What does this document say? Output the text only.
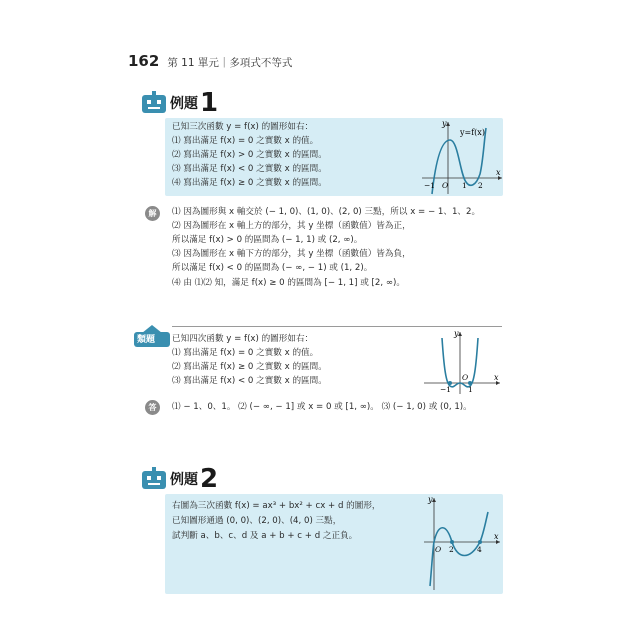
162 第 11 單元｜多項式不等式
例題 1
已知三次函數 y = f(x) 的圖形如右：
⑴ 寫出滿足 f(x) = 0 之實數 x 的值。
⑵ 寫出滿足 f(x) > 0 之實數 x 的區間。
⑶ 寫出滿足 f(x) < 0 之實數 x 的區間。
⑷ 寫出滿足 f(x) ≥ 0 之實數 x 的區間。
y=f(x)
y
x
−1 O 1 2
解	⑴ 因為圖形與 x 軸交於 (− 1, 0)、(1, 0)、(2, 0) 三點，所以 x = − 1、1、2。
⑵ 因為圖形在 x 軸上方的部分，其 y 坐標（函數值）皆為正，
所以滿足 f(x) > 0 的區間為 (− 1, 1) 或 (2, ∞)。
⑶ 因為圖形在 x 軸下方的部分，其 y 坐標（函數值）皆為負，
所以滿足 f(x) < 0 的區間為 (− ∞, − 1) 或 (1, 2)。
⑷ 由 ⑴⑵ 知，滿足 f(x) ≥ 0 的區間為 [− 1, 1] 或 [2, ∞)。
類題 已知四次函數 y = f(x) 的圖形如右：
⑴ 寫出滿足 f(x) = 0 之實數 x 的值。
⑵ 寫出滿足 f(x) ≥ 0 之實數 x 的區間。
⑶ 寫出滿足 f(x) < 0 之實數 x 的區間。
y
x
−1
O
1
答	⑴ − 1、0、1。 ⑵ (− ∞, − 1] 或 x = 0 或 [1, ∞)。 ⑶ (− 1, 0) 或 (0, 1)。
例題 2
右圖為三次函數 f(x) = ax³ + bx² + cx + d 的圖形，
已知圖形通過 (0, 0)、(2, 0)、(4, 0) 三點，
試判斷 a、b、c、d 及 a + b + c + d 之正負。
y
x
O 2	4
